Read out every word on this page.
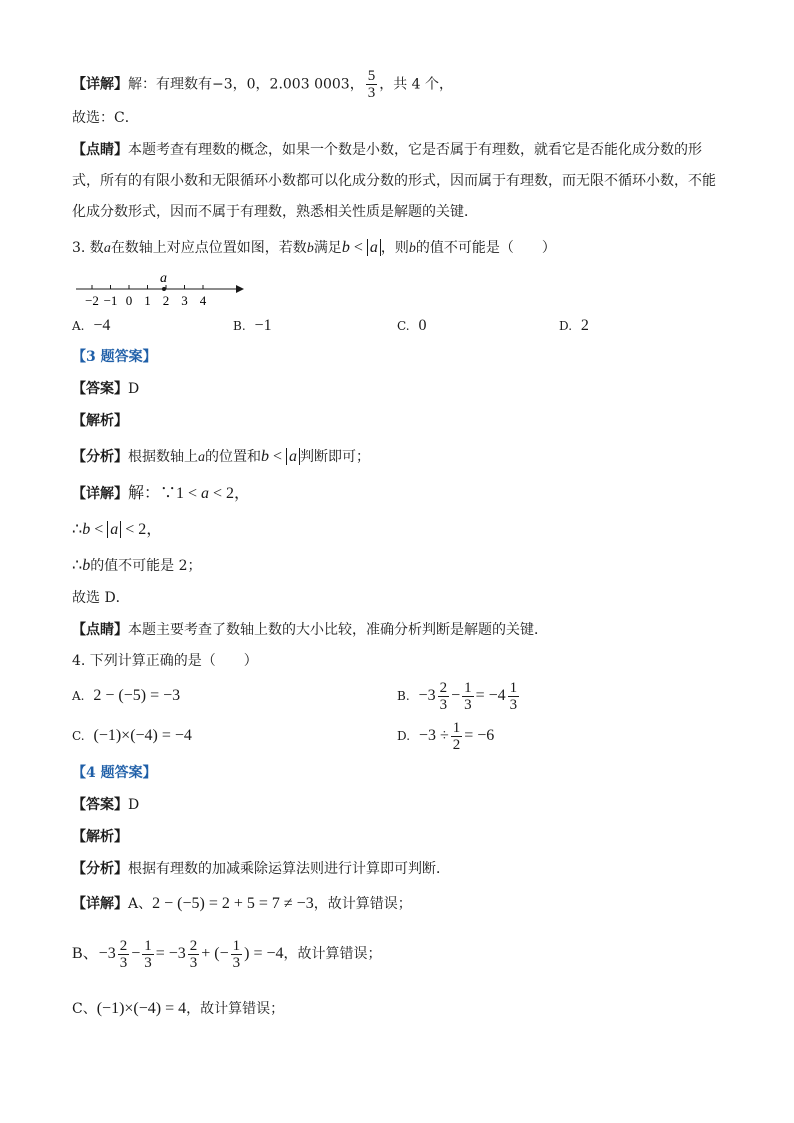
【详解】解：有理数有−3，0，2.003 0003， $\frac{5}{3}$ ，共 4 个，
故选：C．
【点睛】本题考查有理数的概念，如果一个数是小数，它是否属于有理数，就看它是否能化成分数的形
式，所有的有限小数和无限循环小数都可以化成分数的形式，因而属于有理数，而无限不循环小数，不能
化成分数形式，因而不属于有理数，熟悉相关性质是解题的关键．
3. 数a在数轴上对应点位置如图，若数b满足b < a ，则b的值不可能是（　　）
−2 −1 0 1 2 3 4
a
A. −4	B. −1	C. 0	D. 2
【3 题答案】
【答案】D
【解析】
【分析】根据数轴上a的位置和b < a 判断即可；
【详解】解：∵1 < a < 2，
∴b < a < 2，
∴b的值不可能是 2；
故选 D．
【点睛】本题主要考查了数轴上数的大小比较，准确分析判断是解题的关键．
4. 下列计算正确的是（　　）
A. 2 − (−5) = −3	B. $-3 \frac{2}{3} - \frac{1}{3} = -4 \frac{1}{3}$
C. (−1)×(−4) = −4	D. $-3 \div \frac{1}{2} = -6$
【4 题答案】
【答案】D
【解析】
【分析】根据有理数的加减乘除运算法则进行计算即可判断．
【详解】A、2 − (−5) = 2 + 5 = 7 ≠ −3，故计算错误；
B、$-3 \frac{2}{3} - \frac{1}{3} = -3 \frac{2}{3}$ + (− $\frac{1}{3}$ ) = −4，故计算错误；
C、(−1)×(−4) = 4，故计算错误；
